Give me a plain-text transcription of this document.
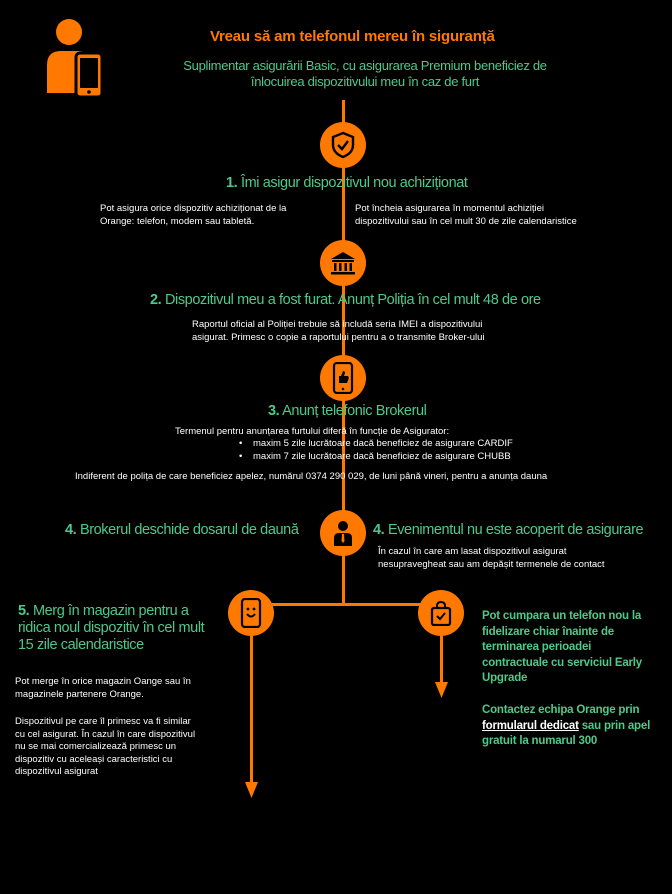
Vreau să am telefonul mereu în siguranță
Suplimentar asigurării Basic, cu asigurarea Premium beneficiez de
înlocuirea dispozitivului meu în caz de furt
1. Îmi asigur dispozitivul nou achiziționat
Pot asigura orice dispozitiv achiziționat de la
Orange: telefon, modem sau tabletă.
Pot încheia asigurarea în momentul achiziției
dispozitivului sau în cel mult 30 de zile calendaristice
2. Dispozitivul meu a fost furat. Anunț Poliția în cel mult 48 de ore
Raportul oficial al Poliției trebuie să includă seria IMEI a dispozitivului
asigurat. Primesc o copie a raportului pentru a o transmite Broker-ului
3. Anunț telefonic Brokerul
Termenul pentru anunțarea furtului diferă în funcție de Asigurator:
• maxim 5 zile lucrătoare dacă beneficiez de asigurare CARDIF
• maxim 7 zile lucrătoare dacă beneficiez de asigurare CHUBB
Indiferent de polița de care beneficiez apelez, numărul 0374 290 029, de luni până vineri, pentru a anunța dauna
4. Brokerul deschide dosarul de daună	4. Evenimentul nu este acoperit de asigurare
În cazul în care am lasat dispozitivul asigurat
nesupravegheat sau am depășit termenele de contact
5. Merg în magazin pentru a
ridica noul dispozitiv în cel mult
15 zile calendaristice
Pot merge în orice magazin Oange sau în
magazinele partenere Orange.
Dispozitivul pe care îl primesc va fi similar
cu cel asigurat. În cazul în care dispozitivul
nu se mai comercializează primesc un
dispozitiv cu aceleași caracteristici cu
dispozitivul asigurat
Pot cumpara un telefon nou la
fidelizare chiar înainte de
terminarea perioadei
contractuale cu serviciul Early
Upgrade
Contactez echipa Orange prin
formularul dedicat sau prin apel
gratuit la numarul 300
